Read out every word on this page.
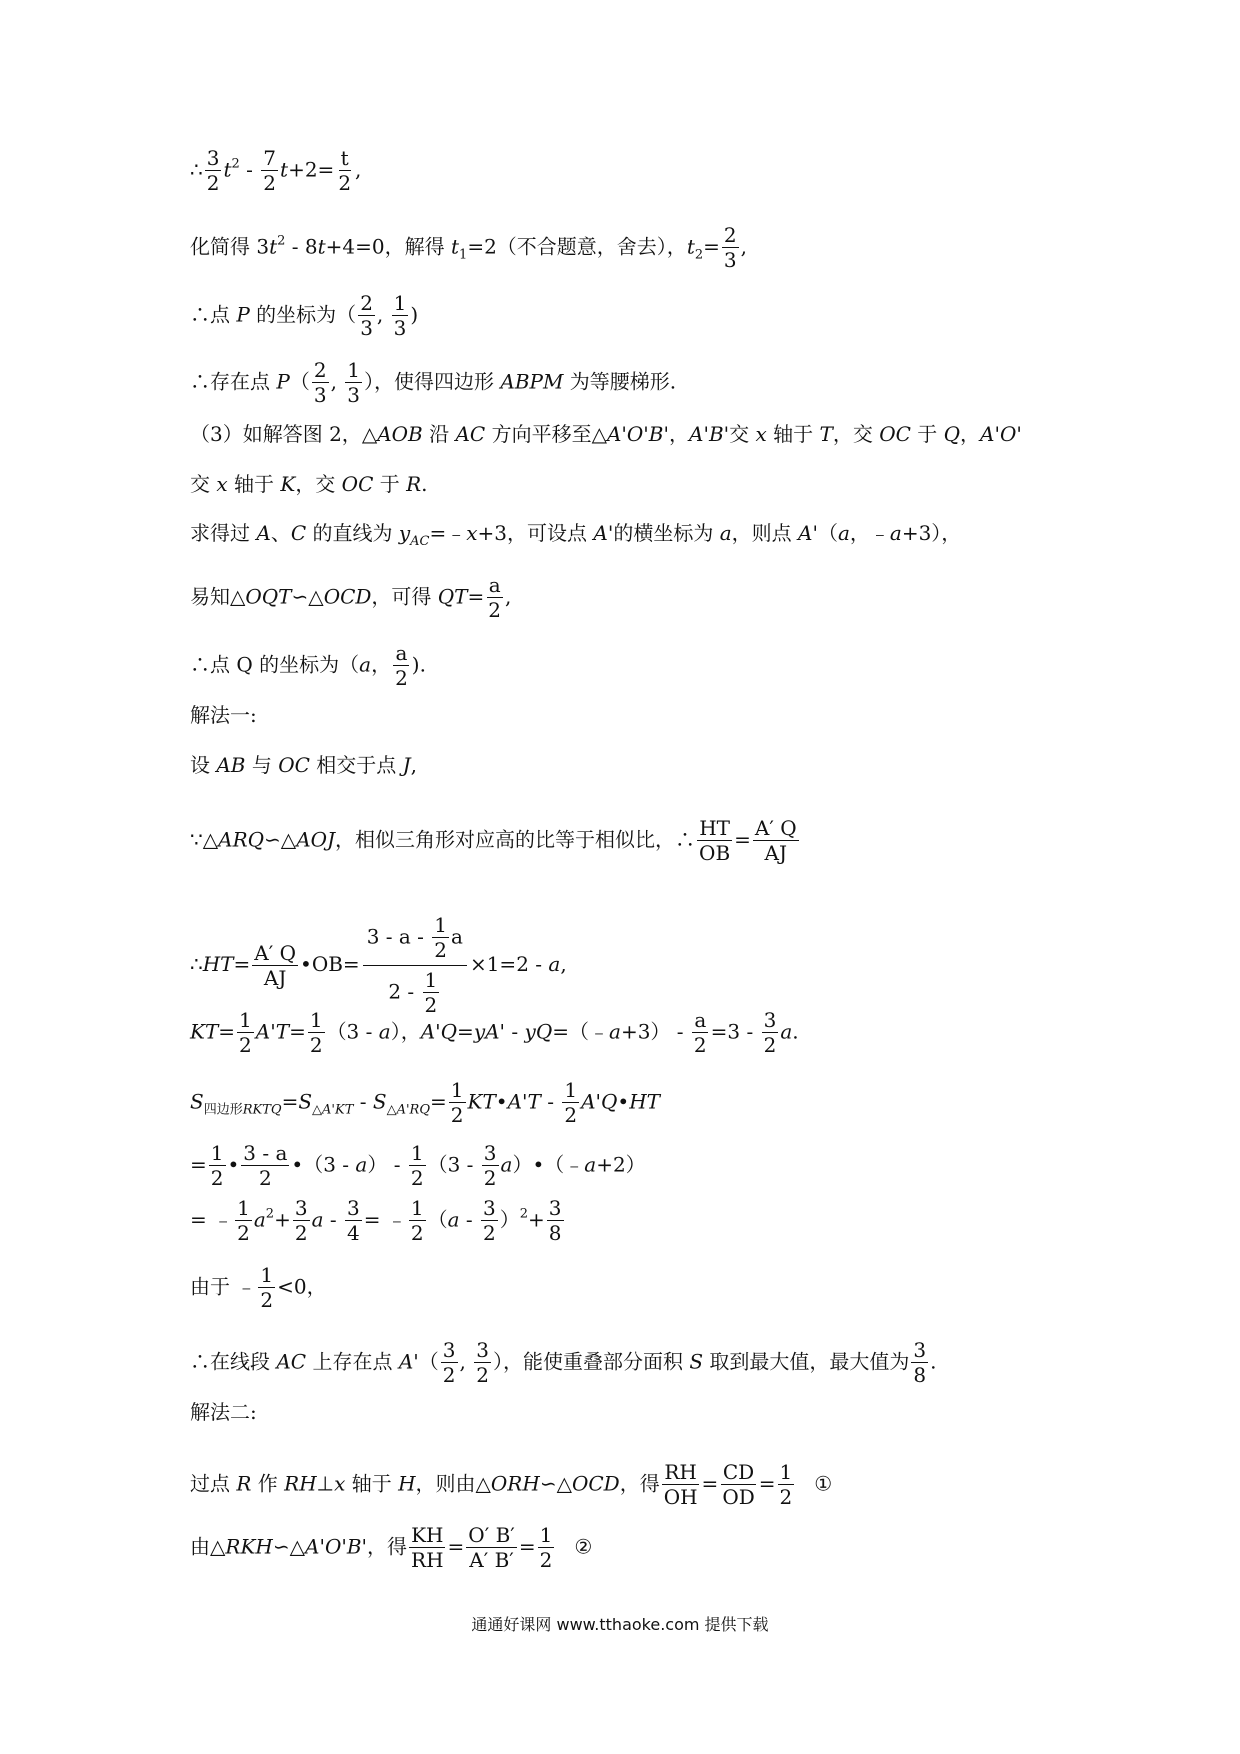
∴ $\frac{3}{2} t^2 - \frac{7}{2} t+2= \frac{t}{2}$ ,
化简得 $3t^2 - 8t+4=0$，解得 $t_1=2$（不合题意，舍去），$t_2= \frac{2}{3}$ ,
∴点 P 的坐标为（ $\frac{2}{3}$ , $\frac{1}{3}$ )
∴存在点 $P( \frac{2}{3}$ , $\frac{1}{3}$ ），使得四边形 ABPM 为等腰梯形.
（3）如解答图 2，△AOB 沿 AC 方向平移至△A'O'B'，A'B'交 x 轴于 T，交 OC 于 Q，A'O'
交 x 轴于 K，交 OC 于 R.
求得过 A、C 的直线为 $y_{AC}=﹣x+3$，可设点 A'的横坐标为 a，则点 A'（a，﹣a+3），
易知△OQT∽△OCD，可得 $QT= \frac{a}{2}$ ,
∴点 Q 的坐标为（a， $\frac{a}{2}$ ).
解法一:
设 AB 与 OC 相交于点 J,
∵△ARQ∽△AOJ，相似三角形对应高的比等于相似比，∴ $\frac{HT}{OB} = \frac{A' Q}{AJ}$
∴HT= $\frac{A' Q}{AJ}$ •OB= $\frac{3 - a - \frac{1}{2} a}{2 - \frac{1}{2}} \times 1=2 - a$,
$KT= \frac{1}{2} A'T= \frac{1}{2} (3 - a)$，A'Q=yA' - yQ=（﹣a+3） - $\frac{a}{2} =3 - \frac{3}{2} a$.
$S_{四边形RKTQ}=S_{\triangle A'KT} - S_{\triangle A'RQ}= \frac{1}{2}$ KT•A'T - $\frac{1}{2}$ A'Q•HT
= $\frac{1}{2}$ • $\frac{3 - a}{2}$ •（3 - $a) - \frac{1}{2} (3 - \frac{3}{2}$ a）•（﹣a+2）
= ﹣ $\frac{1}{2} a^2+ \frac{3}{2}$ a - $\frac{3}{4}$ = ﹣ $\frac{1}{2} (a - \frac{3}{2} )^2+ \frac{3}{8}$
由于 ﹣ $\frac{1}{2} <0$，
∴在线段 AC 上存在点 $A'( \frac{3}{2}$ , $\frac{3}{2}$ ），能使重叠部分面积 S 取到最大值，最大值为 $\frac{3}{8}$ .
解法二:
过点 R 作 RH⊥x 轴于 H，则由△ORH∽△OCD，得 $\frac{RH}{OH} = \frac{CD}{OD} = \frac{1}{2}$ ①
由△RKH∽△A'O'B'，得 $\frac{KH}{RH} = \frac{O' B'}{A' B'} = \frac{1}{2}$ ②
通通好课网 www.tthaoke.com 提供下载
